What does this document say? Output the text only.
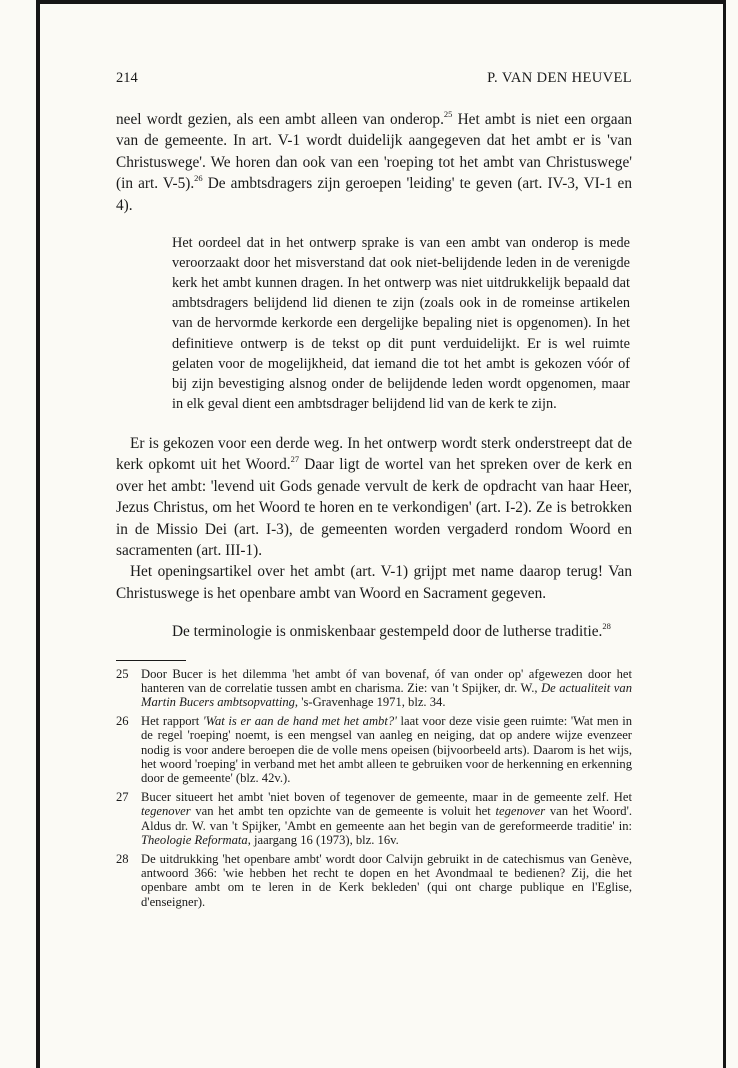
214	P. VAN DEN HEUVEL

neel wordt gezien, als een ambt alleen van onderop.$^{25}$ Het ambt is niet een orgaan van de gemeente. In art. V-1 wordt duidelijk aangegeven dat het ambt er is 'van Christuswege'. We horen dan ook van een 'roeping tot het ambt van Christuswege' (in art. V-5).$^{26}$ De ambtsdragers zijn geroepen 'leiding' te geven (art. IV-3, VI-1 en 4).

Het oordeel dat in het ontwerp sprake is van een ambt van onderop is mede veroorzaakt door het misverstand dat ook niet-belijdende leden in de verenigde kerk het ambt kunnen dragen. In het ontwerp was niet uitdrukkelijk bepaald dat ambtsdragers belijdend lid dienen te zijn (zoals ook in de romeinse artikelen van de hervormde kerkorde een dergelijke bepaling niet is opgenomen). In het definitieve ontwerp is de tekst op dit punt verduidelijkt. Er is wel ruimte gelaten voor de mogelijkheid, dat iemand die tot het ambt is gekozen vóór of bij zijn bevestiging alsnog onder de belijdende leden wordt opgenomen, maar in elk geval dient een ambtsdrager belijdend lid van de kerk te zijn.

Er is gekozen voor een derde weg. In het ontwerp wordt sterk onderstreept dat de kerk opkomt uit het Woord.$^{27}$ Daar ligt de wortel van het spreken over de kerk en over het ambt: 'levend uit Gods genade vervult de kerk de opdracht van haar Heer, Jezus Christus, om het Woord te horen en te verkondigen' (art. I-2). Ze is betrokken in de Missio Dei (art. I-3), de gemeenten worden vergaderd rondom Woord en sacramenten (art. III-1).

Het openingsartikel over het ambt (art. V-1) grijpt met name daarop terug! Van Christuswege is het openbare ambt van Woord en Sacrament gegeven.

De terminologie is onmiskenbaar gestempeld door de lutherse traditie.$^{28}$

25 Door Bucer is het dilemma 'het ambt óf van bovenaf, óf van onder op' afgewezen door het hanteren van de correlatie tussen ambt en charisma. Zie: van 't Spijker, dr. W., De actualiteit van Martin Bucers ambtsopvatting, 's-Gravenhage 1971, blz. 34.
26 Het rapport 'Wat is er aan de hand met het ambt?' laat voor deze visie geen ruimte: 'Wat men in de regel 'roeping' noemt, is een mengsel van aanleg en neiging, dat op andere wijze evenzeer nodig is voor andere beroepen die de volle mens opeisen (bijvoorbeeld arts). Daarom is het wijs, het woord 'roeping' in verband met het ambt alleen te gebruiken voor de herkenning en erkenning door de gemeente' (blz. 42v.).
27 Bucer situeert het ambt 'niet boven of tegenover de gemeente, maar in de gemeente zelf. Het tegenover van het ambt ten opzichte van de gemeente is voluit het tegenover van het Woord'. Aldus dr. W. van 't Spijker, 'Ambt en gemeente aan het begin van de gereformeerde traditie' in: Theologie Reformata, jaargang 16 (1973), blz. 16v.
28 De uitdrukking 'het openbare ambt' wordt door Calvijn gebruikt in de catechismus van Genève, antwoord 366: 'wie hebben het recht te dopen en het Avondmaal te bedienen? Zij, die het openbare ambt om te leren in de Kerk bekleden' (qui ont charge publique en l'Eglise, d'enseigner).
